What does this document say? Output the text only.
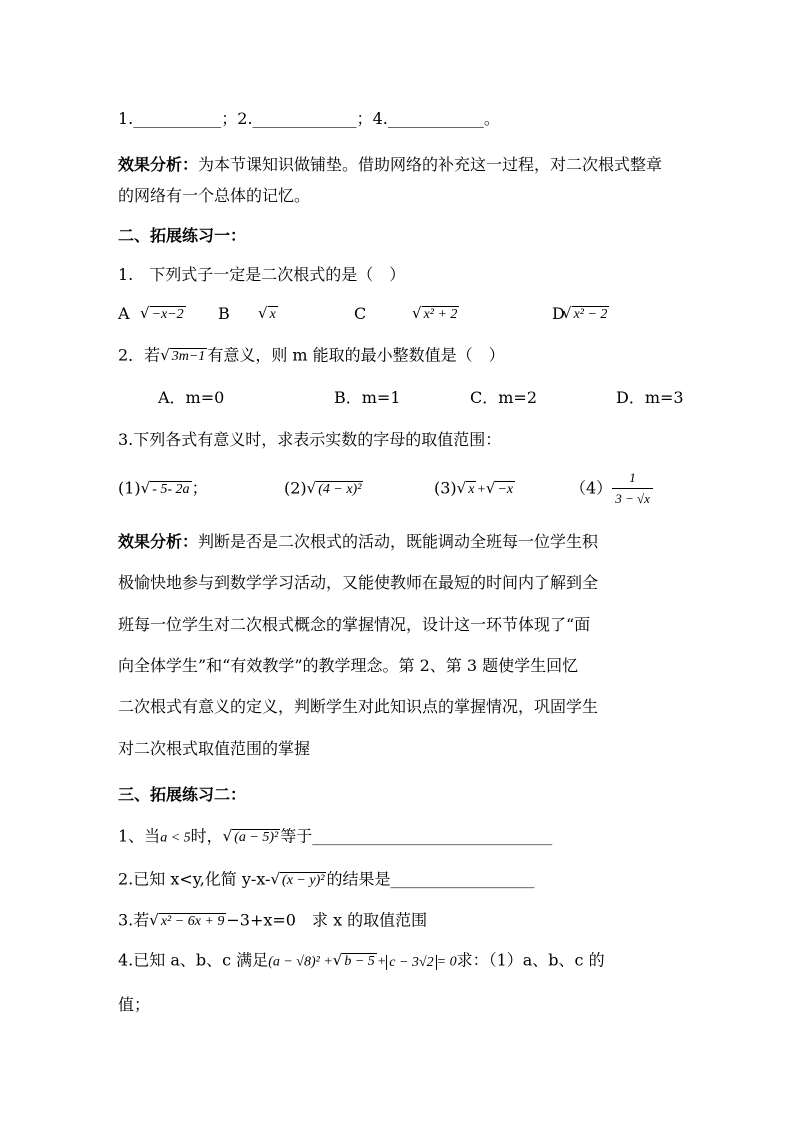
1.___________；2._____________；4.____________。
效果分析：为本节课知识做铺垫。借助网络的补充这一过程，对二次根式整章
的网络有一个总体的记忆。
二、拓展练习一：
1.　下列式子一定是二次根式的是（　）
A √ −x−2 B √ x	C	√ x² + 2	D
√ x² − 2
2．若√ 3m−1 有意义，则 m 能取的最小整数值是（　）
A．m=0	B．m=1	C．m=2	D．m=3
3.下列各式有意义时，求表示实数的字母的取值范围：
(1)√ - 5- 2a ；	(2)√ (4 − x)²	(3)√ x +√ −x	$(4) \frac{1}{3 - √x}$
效果分析：判断是否是二次根式的活动，既能调动全班每一位学生积
极愉快地参与到数学学习活动，又能使教师在最短的时间内了解到全
班每一位学生对二次根式概念的掌握情况，设计这一环节体现了“面
向全体学生”和“有效教学”的教学理念。第 2、第 3 题使学生回忆
二次根式有意义的定义，判断学生对此知识点的掌握情况，巩固学生
对二次根式取值范围的掌握
三、拓展练习二：
1、当a < 5时，√ (a − 5)² 等于______________________________
2.已知 x<y,化简 y-x-√ (x − y)² 的结果是__________________
3.若√ x² − 6x + 9 −3+x=0　求 x 的取值范围
4.已知 a、b、c 满足(a − √8)² +√ b − 5 + c − 3√2 = 0求：（1）a、b、c 的
值；
